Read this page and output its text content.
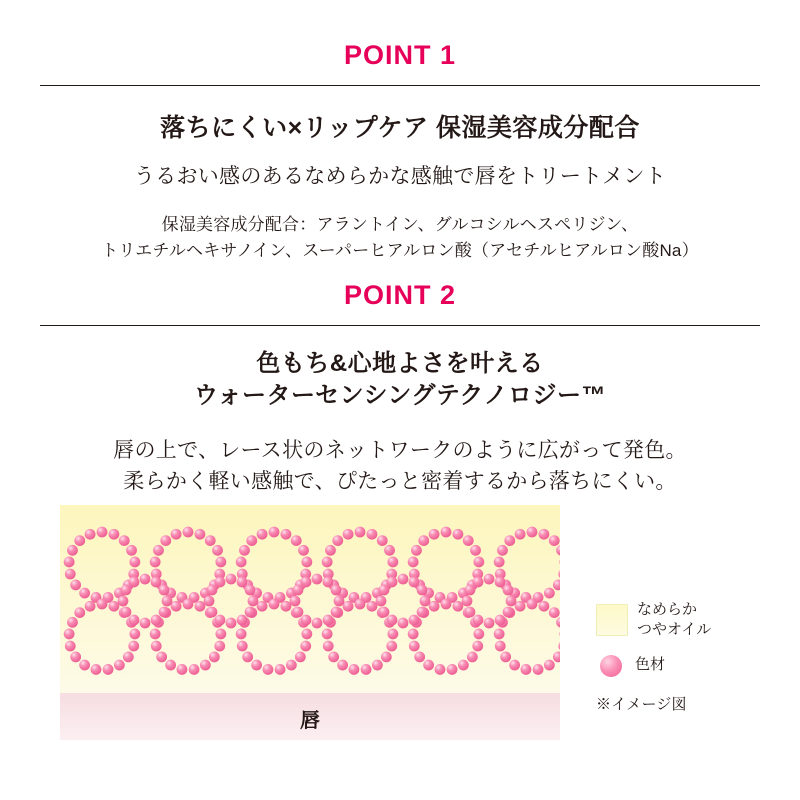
POINT 1
落ちにくい×リップケア 保湿美容成分配合
うるおい感のあるなめらかな感触で唇をトリートメント
保湿美容成分配合：アラントイン、グルコシルヘスペリジン、
トリエチルヘキサノイン、スーパーヒアルロン酸（アセチルヒアルロン酸Na）
POINT 2
色もち&心地よさを叶える
ウォーターセンシングテクノロジー™
唇の上で、レース状のネットワークのように広がって発色。
柔らかく軽い感触で、ぴたっと密着するから落ちにくい。
唇
なめらか
つやオイル
色材
※イメージ図
